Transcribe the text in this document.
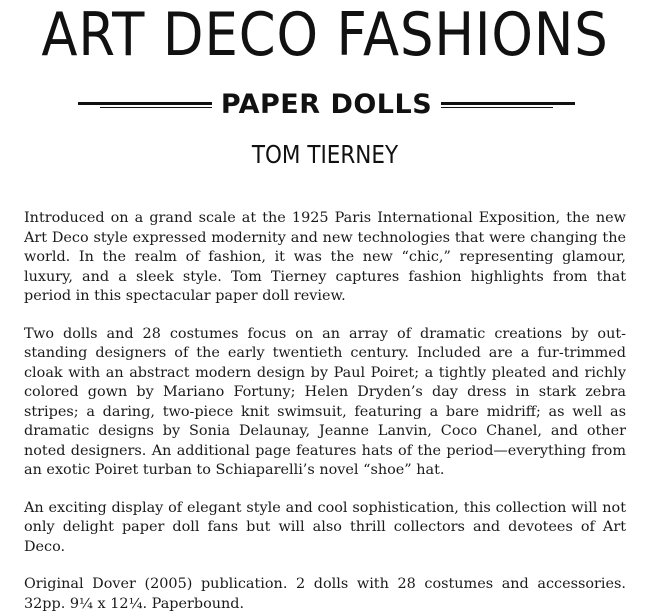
ART DECO FASHIONS
PAPER DOLLS
TOM TIERNEY

Introduced on a grand scale at the 1925 Paris International Exposition, the new Art Deco style expressed modernity and new technologies that were changing the world. In the realm of fashion, it was the new “chic,” representing glamour, luxury, and a sleek style. Tom Tierney captures fashion highlights from that period in this spectacular paper doll review.

Two dolls and 28 costumes focus on an array of dramatic creations by out-standing designers of the early twentieth century. Included are a fur-trimmed cloak with an abstract modern design by Paul Poiret; a tightly pleated and richly colored gown by Mariano Fortuny; Helen Dryden’s day dress in stark zebra stripes; a daring, two-piece knit swimsuit, featuring a bare midriff; as well as dramatic designs by Sonia Delaunay, Jeanne Lanvin, Coco Chanel, and other noted designers. An additional page features hats of the period—everything from an exotic Poiret turban to Schiaparelli’s novel “shoe” hat.

An exciting display of elegant style and cool sophistication, this collection will not only delight paper doll fans but will also thrill collectors and devotees of Art Deco.

Original Dover (2005) publication. 2 dolls with 28 costumes and accessories. 32pp. 9¼ x 12¼. Paperbound.
